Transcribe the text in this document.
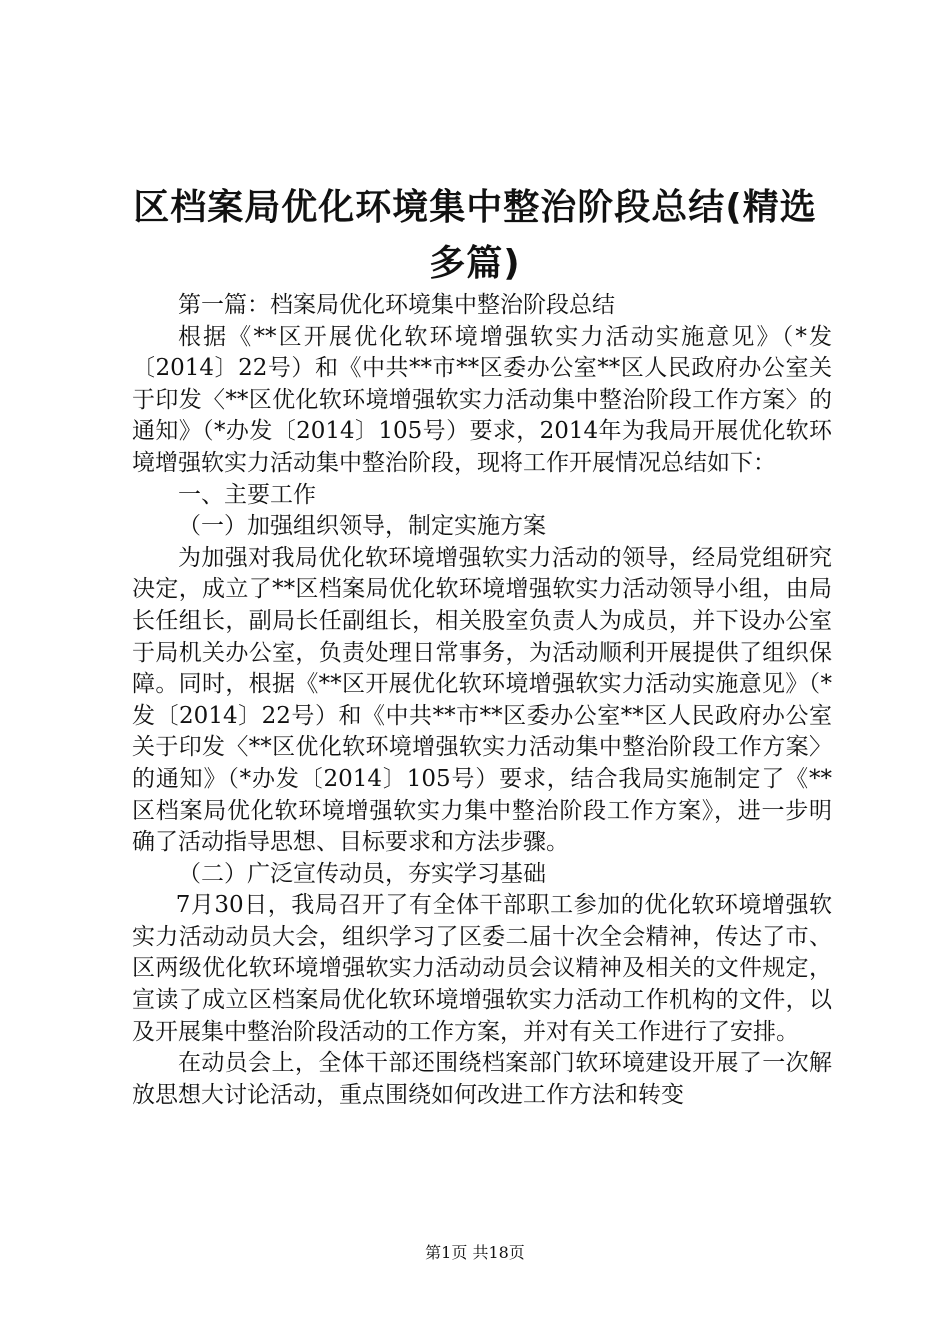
区档案局优化环境集中整治阶段总结(精选多篇)

第一篇：档案局优化环境集中整治阶段总结

根据《**区开展优化软环境增强软实力活动实施意见》（*发〔2014〕22号）和《中共**市**区委办公室**区人民政府办公室关于印发〈**区优化软环境增强软实力活动集中整治阶段工作方案〉的通知》（*办发〔2014〕105号）要求，2014年为我局开展优化软环境增强软实力活动集中整治阶段，现将工作开展情况总结如下：

一、主要工作

（一）加强组织领导，制定实施方案

为加强对我局优化软环境增强软实力活动的领导，经局党组研究决定，成立了**区档案局优化软环境增强软实力活动领导小组，由局长任组长，副局长任副组长，相关股室负责人为成员，并下设办公室于局机关办公室，负责处理日常事务，为活动顺利开展提供了组织保障。同时，根据《**区开展优化软环境增强软实力活动实施意见》（*发〔2014〕22号）和《中共**市**区委办公室**区人民政府办公室关于印发〈**区优化软环境增强软实力活动集中整治阶段工作方案〉的通知》（*办发〔2014〕105号）要求，结合我局实施制定了《**区档案局优化软环境增强软实力集中整治阶段工作方案》，进一步明确了活动指导思想、目标要求和方法步骤。

（二）广泛宣传动员，夯实学习基础

7月30日，我局召开了有全体干部职工参加的优化软环境增强软实力活动动员大会，组织学习了区委二届十次全会精神，传达了市、区两级优化软环境增强软实力活动动员会议精神及相关的文件规定，宣读了成立区档案局优化软环境增强软实力活动工作机构的文件，以及开展集中整治阶段活动的工作方案，并对有关工作进行了安排。

在动员会上，全体干部还围绕档案部门软环境建设开展了一次解放思想大讨论活动，重点围绕如何改进工作方法和转变

第1页 共18页
